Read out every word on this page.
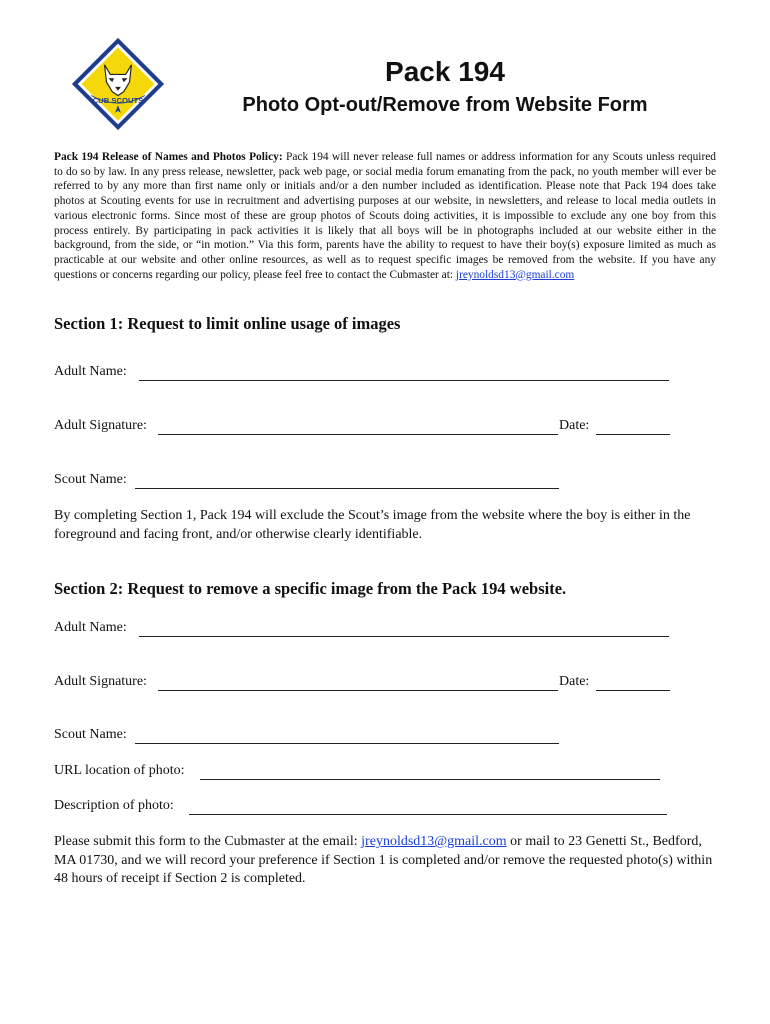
CUB SCOUTS
Pack 194
Photo Opt-out/Remove from Website Form
Pack 194 Release of Names and Photos Policy: Pack 194 will never release full names or address information for any Scouts unless required to do so by law. In any press release, newsletter, pack web page, or social media forum emanating from the pack, no youth member will ever be referred to by any more than first name only or initials and/or a den number included as identification. Please note that Pack 194 does take photos at Scouting events for use in recruitment and advertising purposes at our website, in newsletters, and release to local media outlets in various electronic forms. Since most of these are group photos of Scouts doing activities, it is impossible to exclude any one boy from this process entirely. By participating in pack activities it is likely that all boys will be in photographs included at our website either in the background, from the side, or “in motion.” Via this form, parents have the ability to request to have their boy(s) exposure limited as much as practicable at our website and other online resources, as well as to request specific images be removed from the website. If you have any questions or concerns regarding our policy, please feel free to contact the Cubmaster at: jreynoldsd13@gmail.com
Section 1: Request to limit online usage of images
Adult Name:
Adult Signature:	Date:
Scout Name:
By completing Section 1, Pack 194 will exclude the Scout’s image from the website where the boy is either in the foreground and facing front, and/or otherwise clearly identifiable.
Section 2: Request to remove a specific image from the Pack 194 website.
Adult Name:
Adult Signature:	Date:
Scout Name:
URL location of photo:
Description of photo:
Please submit this form to the Cubmaster at the email: jreynoldsd13@gmail.com or mail to 23 Genetti St., Bedford, MA 01730, and we will record your preference if Section 1 is completed and/or remove the requested photo(s) within 48 hours of receipt if Section 2 is completed.
